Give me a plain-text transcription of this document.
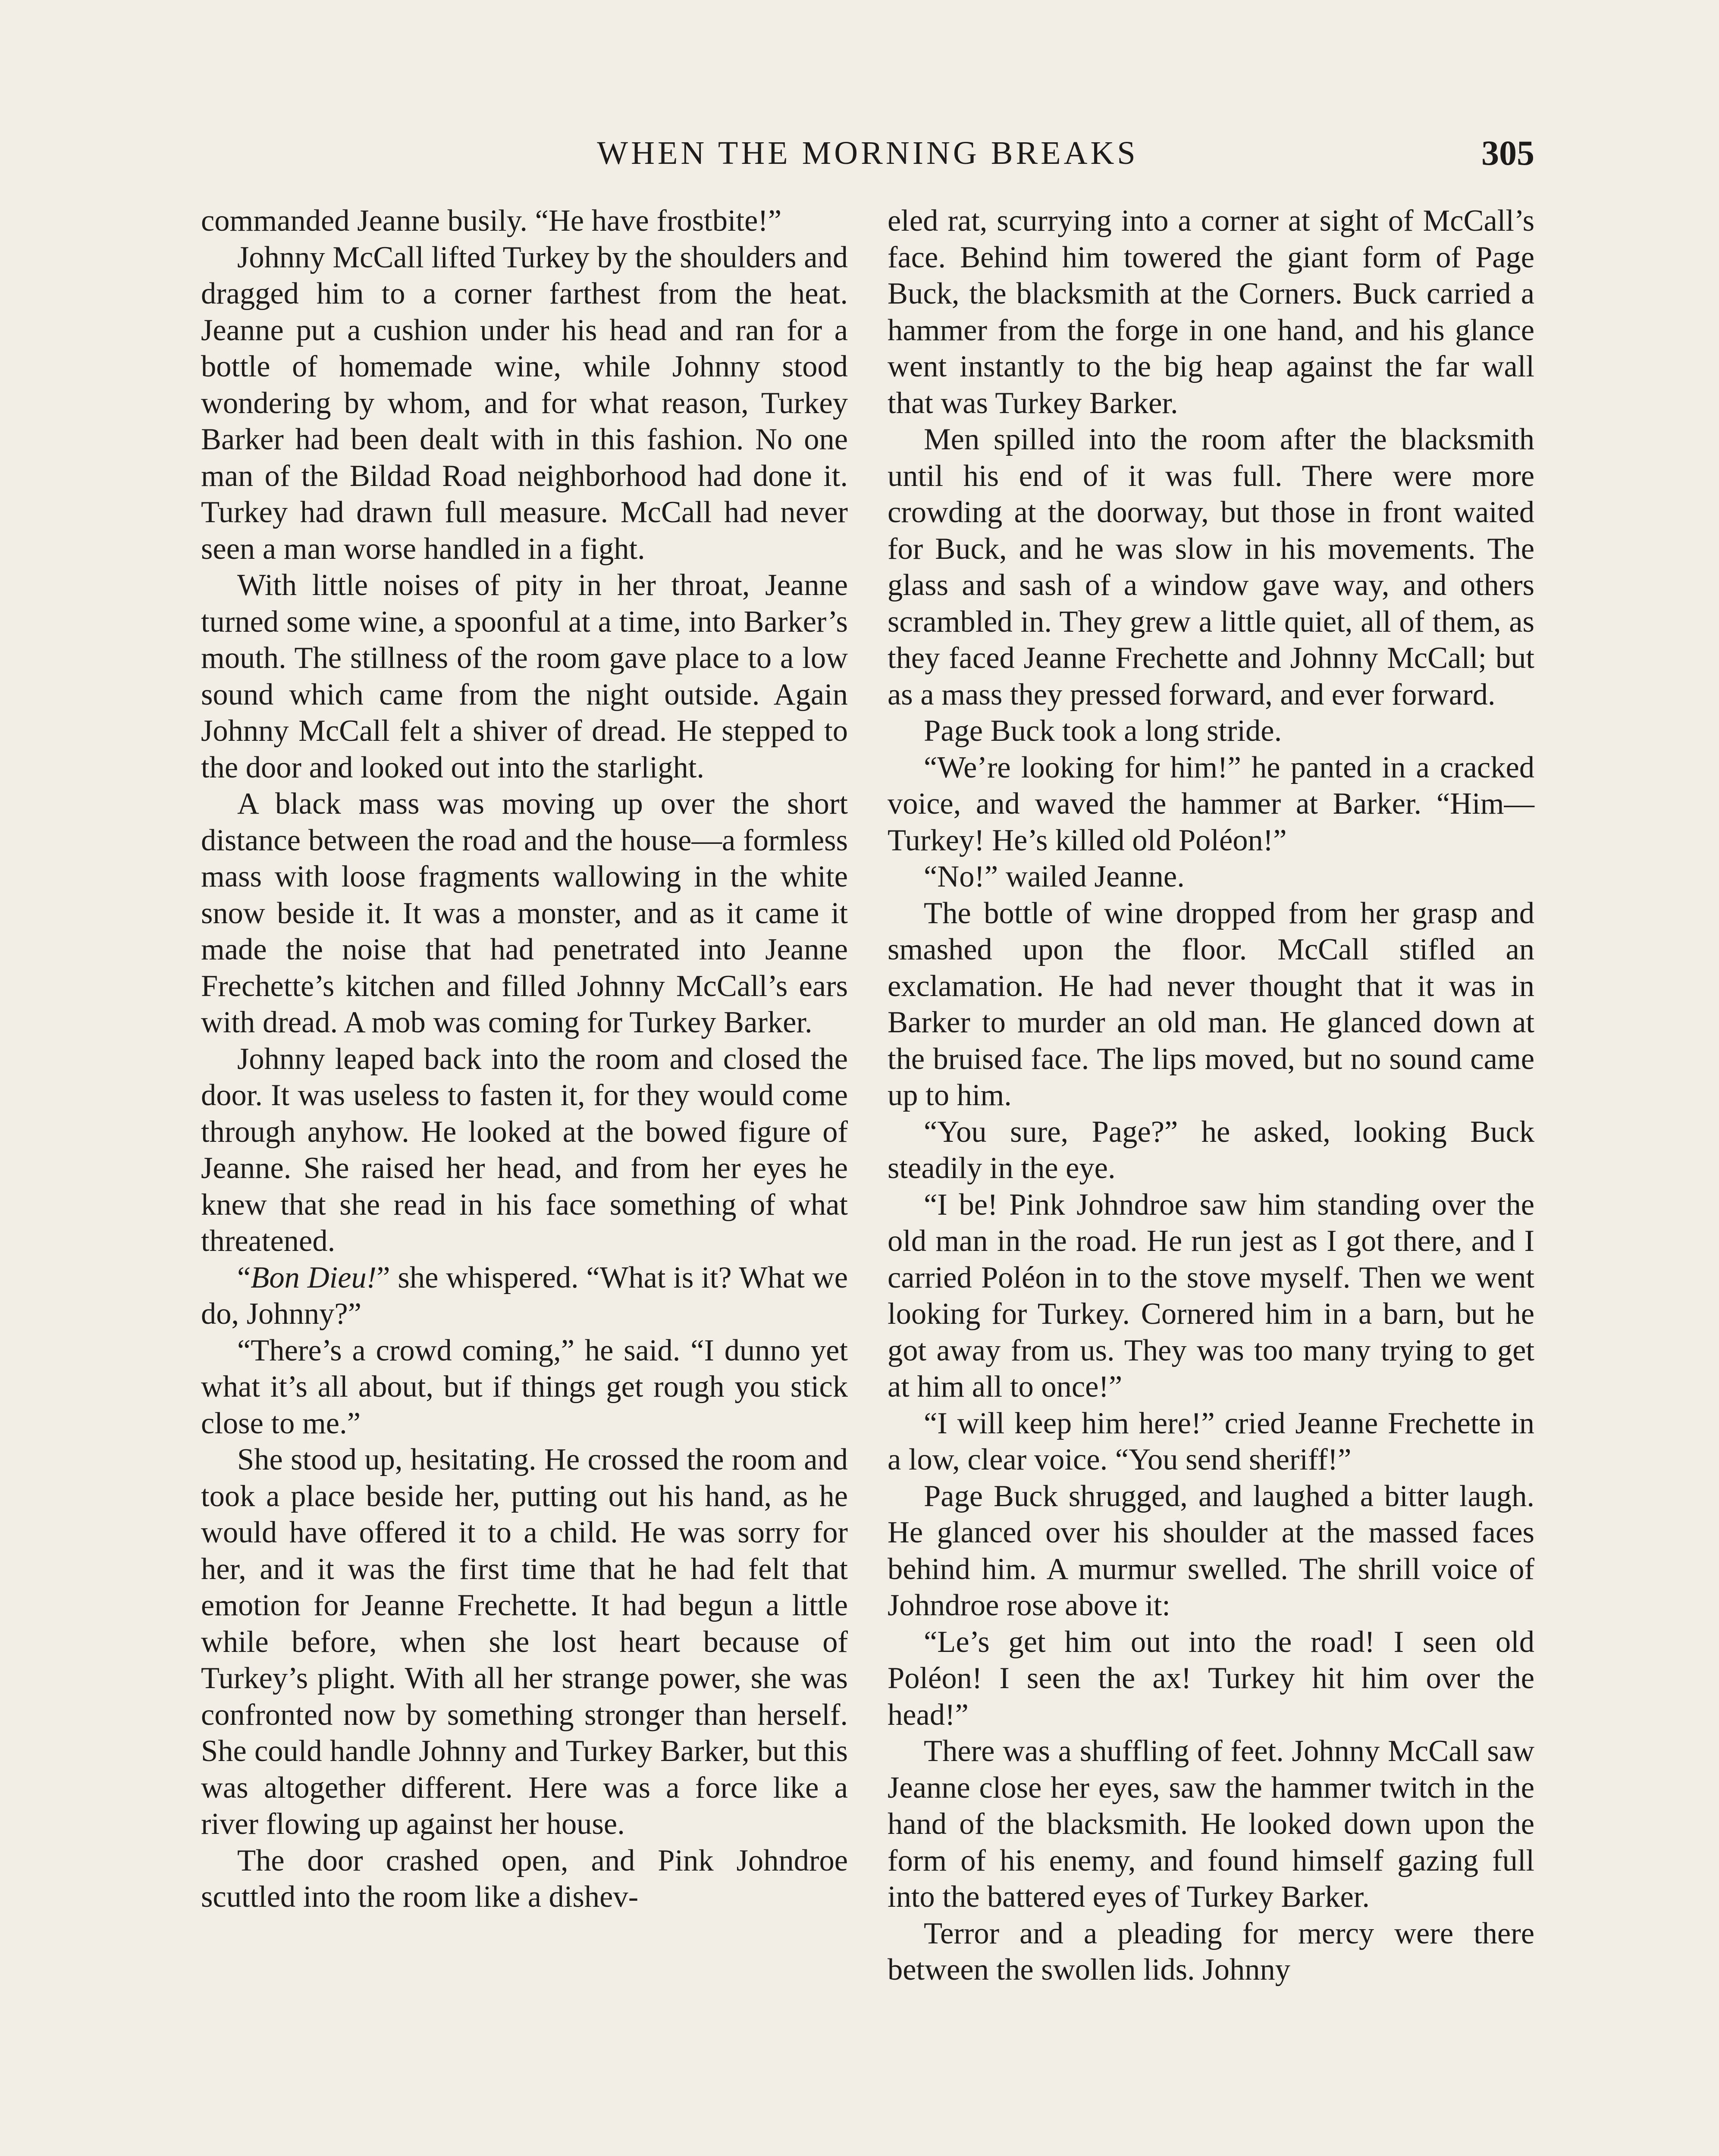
WHEN THE MORNING BREAKS	305

commanded Jeanne busily. “He have frostbite!”

Johnny McCall lifted Turkey by the shoulders and dragged him to a corner farthest from the heat. Jeanne put a cushion under his head and ran for a bottle of homemade wine, while Johnny stood wondering by whom, and for what reason, Turkey Barker had been dealt with in this fashion. No one man of the Bildad Road neighborhood had done it. Turkey had drawn full measure. McCall had never seen a man worse handled in a fight.

With little noises of pity in her throat, Jeanne turned some wine, a spoonful at a time, into Barker’s mouth. The stillness of the room gave place to a low sound which came from the night outside. Again Johnny McCall felt a shiver of dread. He stepped to the door and looked out into the starlight.

A black mass was moving up over the short distance between the road and the house—a formless mass with loose fragments wallowing in the white snow beside it. It was a monster, and as it came it made the noise that had penetrated into Jeanne Frechette’s kitchen and filled Johnny McCall’s ears with dread. A mob was coming for Turkey Barker.

Johnny leaped back into the room and closed the door. It was useless to fasten it, for they would come through anyhow. He looked at the bowed figure of Jeanne. She raised her head, and from her eyes he knew that she read in his face something of what threatened.

“Bon Dieu!” she whispered. “What is it? What we do, Johnny?”

“There’s a crowd coming,” he said. “I dunno yet what it’s all about, but if things get rough you stick close to me.”

She stood up, hesitating. He crossed the room and took a place beside her, putting out his hand, as he would have offered it to a child. He was sorry for her, and it was the first time that he had felt that emotion for Jeanne Frechette. It had begun a little while before, when she lost heart because of Turkey’s plight. With all her strange power, she was confronted now by something stronger than herself. She could handle Johnny and Turkey Barker, but this was altogether different. Here was a force like a river flowing up against her house.

The door crashed open, and Pink Johndroe scuttled into the room like a dishev-

eled rat, scurrying into a corner at sight of McCall’s face. Behind him towered the giant form of Page Buck, the blacksmith at the Corners. Buck carried a hammer from the forge in one hand, and his glance went instantly to the big heap against the far wall that was Turkey Barker.

Men spilled into the room after the blacksmith until his end of it was full. There were more crowding at the doorway, but those in front waited for Buck, and he was slow in his movements. The glass and sash of a window gave way, and others scrambled in. They grew a little quiet, all of them, as they faced Jeanne Frechette and Johnny McCall; but as a mass they pressed forward, and ever forward.

Page Buck took a long stride.

“We’re looking for him!” he panted in a cracked voice, and waved the hammer at Barker. “Him—Turkey! He’s killed old Poléon!”

“No!” wailed Jeanne.

The bottle of wine dropped from her grasp and smashed upon the floor. McCall stifled an exclamation. He had never thought that it was in Barker to murder an old man. He glanced down at the bruised face. The lips moved, but no sound came up to him.

“You sure, Page?” he asked, looking Buck steadily in the eye.

“I be! Pink Johndroe saw him standing over the old man in the road. He run jest as I got there, and I carried Poléon in to the stove myself. Then we went looking for Turkey. Cornered him in a barn, but he got away from us. They was too many trying to get at him all to once!”

“I will keep him here!” cried Jeanne Frechette in a low, clear voice. “You send sheriff!”

Page Buck shrugged, and laughed a bitter laugh. He glanced over his shoulder at the massed faces behind him. A murmur swelled. The shrill voice of Johndroe rose above it:

“Le’s get him out into the road! I seen old Poléon! I seen the ax! Turkey hit him over the head!”

There was a shuffling of feet. Johnny McCall saw Jeanne close her eyes, saw the hammer twitch in the hand of the blacksmith. He looked down upon the form of his enemy, and found himself gazing full into the battered eyes of Turkey Barker.

Terror and a pleading for mercy were there between the swollen lids. Johnny
